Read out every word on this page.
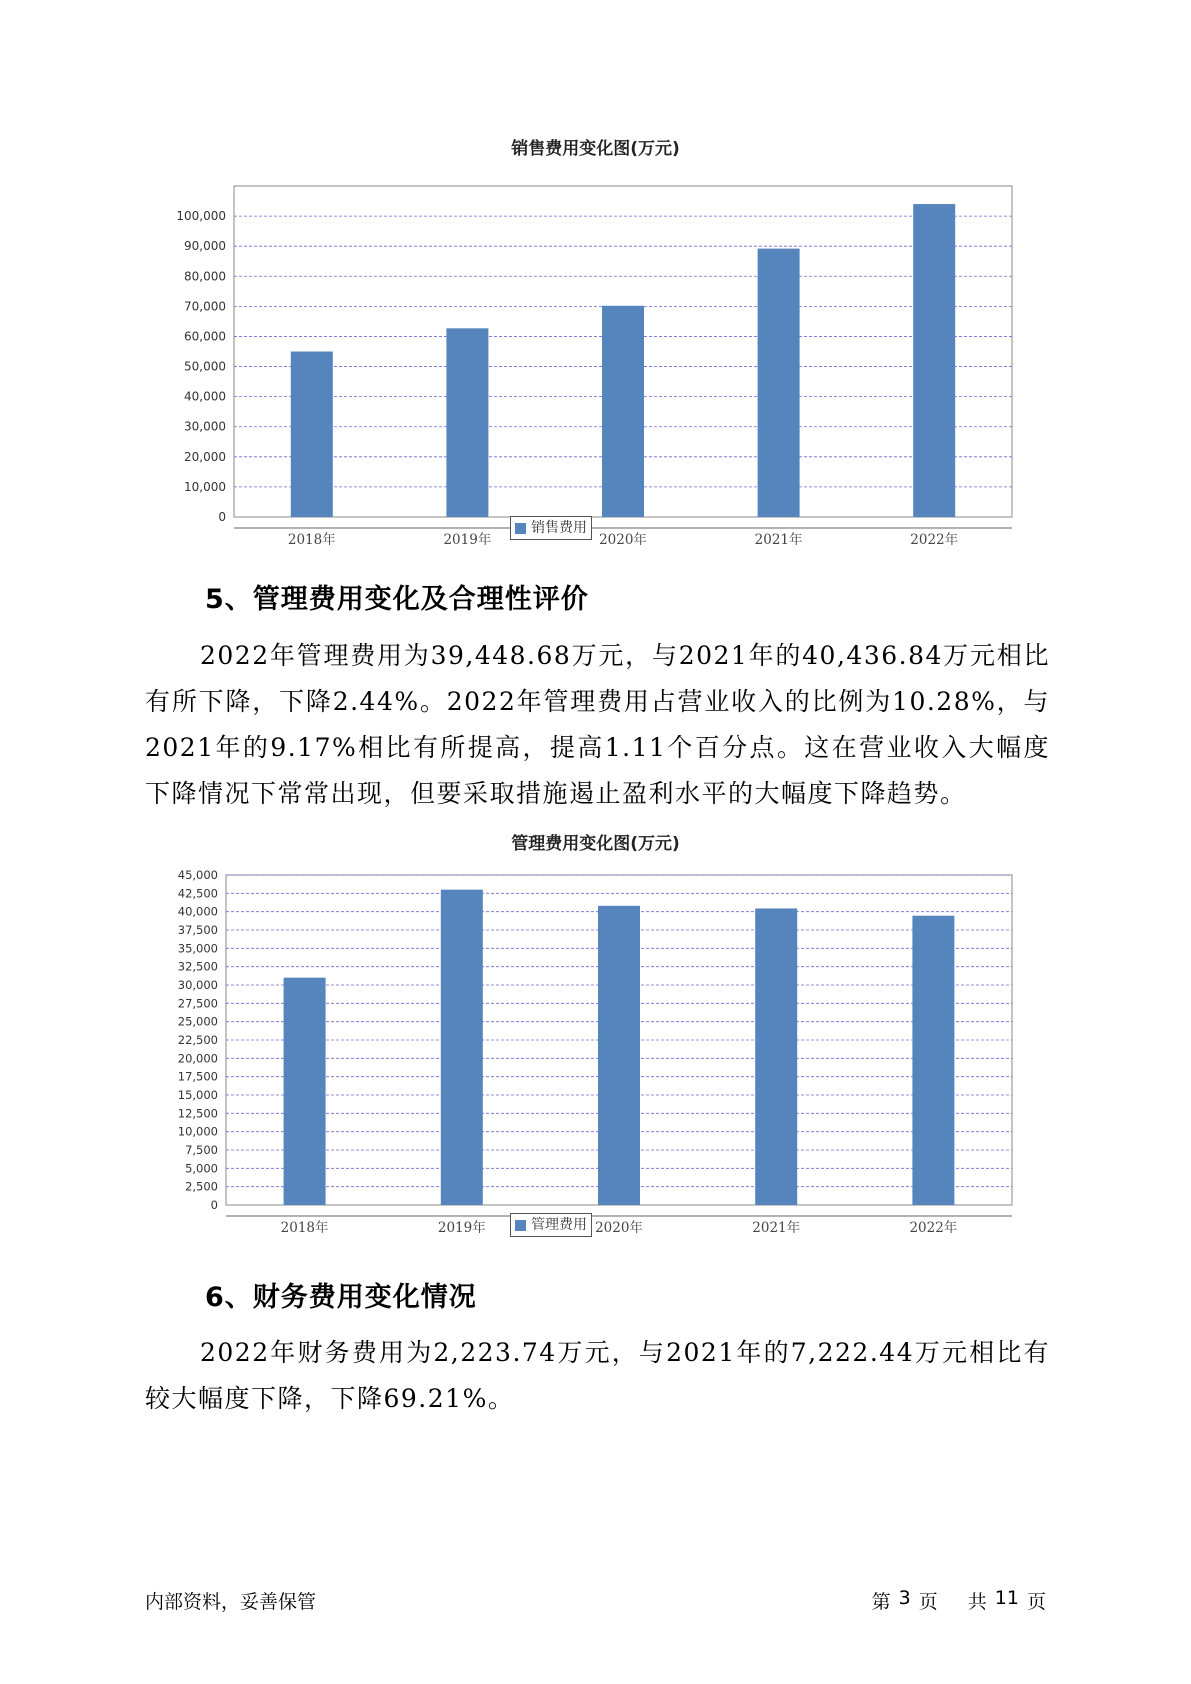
销售费用变化图(万元)
0
10,000
20,000
30,000
40,000
50,000
60,000
70,000
80,000
90,000
100,000
2018年	2019年	2020年	2021年	2022年
销售费用
5、管理费用变化及合理性评价

2022年管理费用为39,448.68万元，与2021年的40,436.84万元相比有所下降，下降2.44%。2022年管理费用占营业收入的比例为10.28%，与2021年的9.17%相比有所提高，提高1.11个百分点。这在营业收入大幅度下降情况下常常出现，但要采取措施遏止盈利水平的大幅度下降趋势。

管理费用变化图(万元)
0
2,500
5,000
7,500
10,000
12,500
15,000
17,500
20,000
22,500
25,000
27,500
30,000
32,500
35,000
37,500
40,000
42,500
45,000
2018年	2019年	2020年	2021年	2022年
管理费用
6、财务费用变化情况

2022年财务费用为2,223.74万元，与2021年的7,222.44万元相比有较大幅度下降，下降69.21%。

内部资料，妥善保管	第 3 页 共 11 页
